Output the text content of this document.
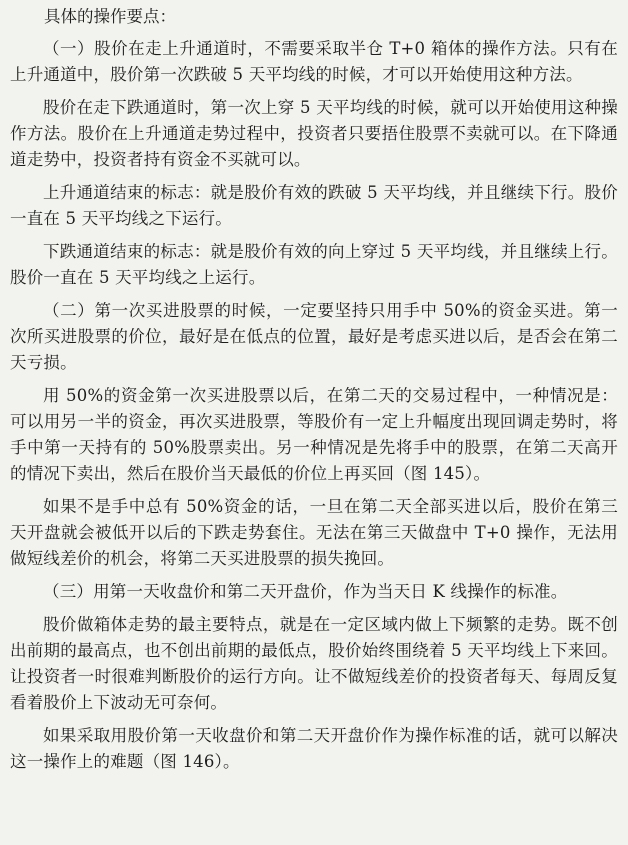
具体的操作要点：

（一）股价在走上升通道时，不需要采取半仓 T+0 箱体的操作方法。只有在上升通道中，股价第一次跌破 5 天平均线的时候，才可以开始使用这种方法。

股价在走下跌通道时，第一次上穿 5 天平均线的时候，就可以开始使用这种操作方法。股价在上升通道走势过程中，投资者只要捂住股票不卖就可以。在下降通道走势中，投资者持有资金不买就可以。

上升通道结束的标志：就是股价有效的跌破 5 天平均线，并且继续下行。股价一直在 5 天平均线之下运行。

下跌通道结束的标志：就是股价有效的向上穿过 5 天平均线，并且继续上行。股价一直在 5 天平均线之上运行。

（二）第一次买进股票的时候，一定要坚持只用手中 50%的资金买进。第一次所买进股票的价位，最好是在低点的位置，最好是考虑买进以后，是否会在第二天亏损。

用 50%的资金第一次买进股票以后，在第二天的交易过程中，一种情况是：可以用另一半的资金，再次买进股票，等股价有一定上升幅度出现回调走势时，将手中第一天持有的 50%股票卖出。另一种情况是先将手中的股票，在第二天高开的情况下卖出，然后在股价当天最低的价位上再买回（图 145）。

如果不是手中总有 50%资金的话，一旦在第二天全部买进以后，股价在第三天开盘就会被低开以后的下跌走势套住。无法在第三天做盘中 T+0 操作，无法用做短线差价的机会，将第二天买进股票的损失挽回。

（三）用第一天收盘价和第二天开盘价，作为当天日 K 线操作的标准。

股价做箱体走势的最主要特点，就是在一定区域内做上下频繁的走势。既不创出前期的最高点，也不创出前期的最低点，股价始终围绕着 5 天平均线上下来回。让投资者一时很难判断股价的运行方向。让不做短线差价的投资者每天、每周反复看着股价上下波动无可奈何。

如果采取用股价第一天收盘价和第二天开盘价作为操作标准的话，就可以解决这一操作上的难题（图 146）。
